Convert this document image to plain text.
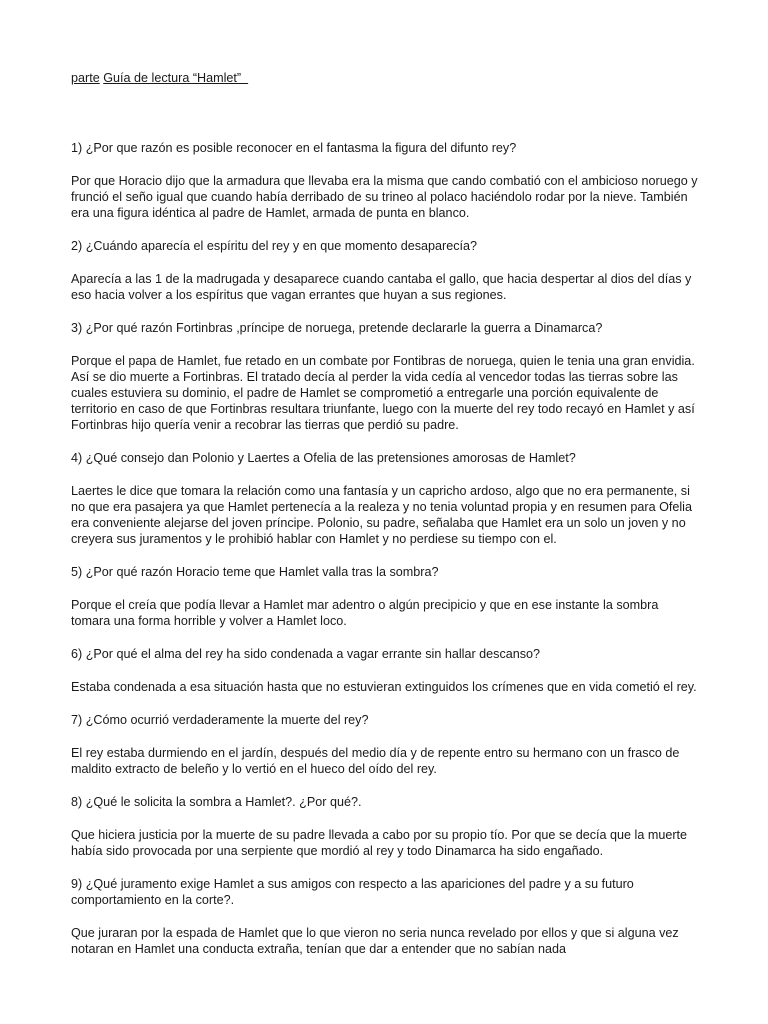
parte Guía de lectura “Hamlet”

1) ¿Por que razón es posible reconocer en el fantasma la figura del difunto rey?

Por que Horacio dijo que la armadura que llevaba era la misma que cando combatió con el ambicioso noruego y frunció el seño igual que cuando había derribado de su trineo al polaco haciéndolo rodar por la nieve. También era una figura idéntica al padre de Hamlet, armada de punta en blanco.

2) ¿Cuándo aparecía el espíritu del rey y en que momento desaparecía?

Aparecía a las 1 de la madrugada y desaparece cuando cantaba el gallo, que hacia despertar al dios del días y eso hacia volver a los espíritus que vagan errantes que huyan a sus regiones.

3) ¿Por qué razón Fortinbras ,príncipe de noruega, pretende declararle la guerra a Dinamarca?

Porque el papa de Hamlet, fue retado en un combate por Fontibras de noruega, quien le tenia una gran envidia. Así se dio muerte a Fortinbras. El tratado decía al perder la vida cedía al vencedor todas las tierras sobre las cuales estuviera su dominio, el padre de Hamlet se comprometió a entregarle una porción equivalente de territorio en caso de que Fortinbras resultara triunfante, luego con la muerte del rey todo recayó en Hamlet y así Fortinbras hijo quería venir a recobrar las tierras que perdió su padre.

4) ¿Qué consejo dan Polonio y Laertes a Ofelia de las pretensiones amorosas de Hamlet?

Laertes le dice que tomara la relación como una fantasía y un capricho ardoso, algo que no era permanente, si no que era pasajera ya que Hamlet pertenecía a la realeza y no tenia voluntad propia y en resumen para Ofelia era conveniente alejarse del joven príncipe. Polonio, su padre, señalaba que Hamlet era un solo un joven y no creyera sus juramentos y le prohibió hablar con Hamlet y no perdiese su tiempo con el.

5) ¿Por qué razón Horacio teme que Hamlet valla tras la sombra?

Porque el creía que podía llevar a Hamlet mar adentro o algún precipicio y que en ese instante la sombra tomara una forma horrible y volver a Hamlet loco.

6) ¿Por qué el alma del rey ha sido condenada a vagar errante sin hallar descanso?

Estaba condenada a esa situación hasta que no estuvieran extinguidos los crímenes que en vida cometió el rey.

7) ¿Cómo ocurrió verdaderamente la muerte del rey?

El rey estaba durmiendo en el jardín, después del medio día y de repente entro su hermano con un frasco de maldito extracto de beleño y lo vertió en el hueco del oído del rey.

8) ¿Qué le solicita la sombra a Hamlet?. ¿Por qué?.

Que hiciera justicia por la muerte de su padre llevada a cabo por su propio tío. Por que se decía que la muerte había sido provocada por una serpiente que mordió al rey y todo Dinamarca ha sido engañado.

9) ¿Qué juramento exige Hamlet a sus amigos con respecto a las apariciones del padre y a su futuro comportamiento en la corte?.

Que juraran por la espada de Hamlet que lo que vieron no seria nunca revelado por ellos y que si alguna vez notaran en Hamlet una conducta extraña, tenían que dar a entender que no sabían nada
